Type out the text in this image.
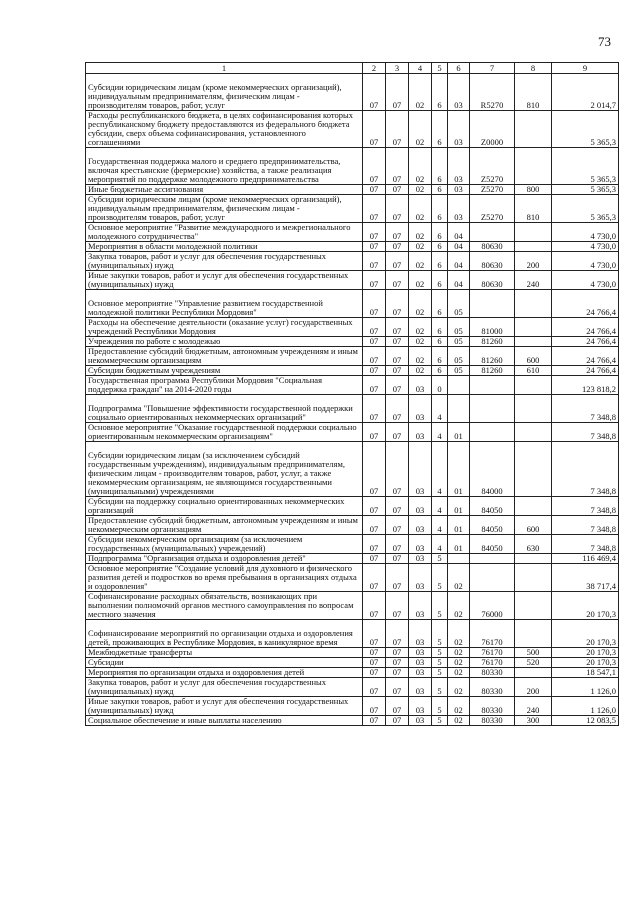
73
1	2	3	4	5	6	7	8	9
Субсидии юридическим лицам (кроме некоммерческих организаций), индивидуальным предпринимателям, физическим лицам - производителям товаров, работ, услуг	07	07	02	6	03	R5270	810	2 014,7
Расходы республиканского бюджета, в целях софинансирования которых республиканскому бюджету предоставляются из федерального бюджета субсидии, сверх объема софинансирования, установленного соглашениями	07	07	02	6	03	Z0000		5 365,3
Государственная поддержка малого и среднего предпринимательства, включая крестьянские (фермерские) хозяйства, а также реализация мероприятий по поддержке молодежного предпринимательства	07	07	02	6	03	Z5270		5 365,3
Иные бюджетные ассигнования	07	07	02	6	03	Z5270	800	5 365,3
Субсидии юридическим лицам (кроме некоммерческих организаций), индивидуальным предпринимателям, физическим лицам - производителям товаров, работ, услуг	07	07	02	6	03	Z5270	810	5 365,3
Основное мероприятие "Развитие международного и межрегионального молодежного сотрудничества"	07	07	02	6	04			4 730,0
Мероприятия в области молодежной политики	07	07	02	6	04	80630		4 730,0
Закупка товаров, работ и услуг для обеспечения государственных (муниципальных) нужд	07	07	02	6	04	80630	200	4 730,0
Иные закупки товаров, работ и услуг для обеспечения государственных (муниципальных) нужд	07	07	02	6	04	80630	240	4 730,0
Основное мероприятие "Управление развитием государственной молодежной политики Республики Мордовия"	07	07	02	6	05			24 766,4
Расходы на обеспечение деятельности (оказание услуг) государственных учреждений Республики Мордовия	07	07	02	6	05	81000		24 766,4
Учреждения по работе с молодежью	07	07	02	6	05	81260		24 766,4
Предоставление субсидий бюджетным, автономным учреждениям и иным некоммерческим организациям	07	07	02	6	05	81260	600	24 766,4
Субсидии бюджетным учреждениям	07	07	02	6	05	81260	610	24 766,4
Государственная программа Республики Мордовия "Социальная поддержка граждан" на 2014-2020 годы	07	07	03	0				123 818,2
Подпрограмма "Повышение эффективности государственной поддержки социально ориентированных некоммерческих организаций"	07	07	03	4				7 348,8
Основное мероприятие "Оказание государственной поддержки социально ориентированным некоммерческим организациям"	07	07	03	4	01			7 348,8
Субсидии юридическим лицам (за исключением субсидий государственным учреждениям), индивидуальным предпринимателям, физическим лицам - производителям товаров, работ, услуг, а также некоммерческим организациям, не являющимся государственными (муниципальными) учреждениями	07	07	03	4	01	84000		7 348,8
Субсидии на поддержку социально ориентированных некоммерческих организаций	07	07	03	4	01	84050		7 348,8
Предоставление субсидий бюджетным, автономным учреждениям и иным некоммерческим организациям	07	07	03	4	01	84050	600	7 348,8
Субсидии некоммерческим организациям (за исключением государственных (муниципальных) учреждений)	07	07	03	4	01	84050	630	7 348,8
Подпрограмма "Организация отдыха и оздоровления детей"	07	07	03	5				116 469,4
Основное мероприятие "Создание условий для духовного и физического развития детей и подростков во время пребывания в организациях отдыха и оздоровления"	07	07	03	5	02			38 717,4
Софинансирование расходных обязательств, возникающих при выполнении полномочий органов местного самоуправления по вопросам местного значения	07	07	03	5	02	76000		20 170,3
Софинансирование мероприятий по организации отдыха и оздоровления детей, проживающих в Республике Мордовия, в каникулярное время	07	07	03	5	02	76170		20 170,3
Межбюджетные трансферты	07	07	03	5	02	76170	500	20 170,3
Субсидии	07	07	03	5	02	76170	520	20 170,3
Мероприятия по организации отдыха и оздоровления детей	07	07	03	5	02	80330		18 547,1
Закупка товаров, работ и услуг для обеспечения государственных (муниципальных) нужд	07	07	03	5	02	80330	200	1 126,0
Иные закупки товаров, работ и услуг для обеспечения государственных (муниципальных) нужд	07	07	03	5	02	80330	240	1 126,0
Социальное обеспечение и иные выплаты населению	07	07	03	5	02	80330	300	12 083,5
